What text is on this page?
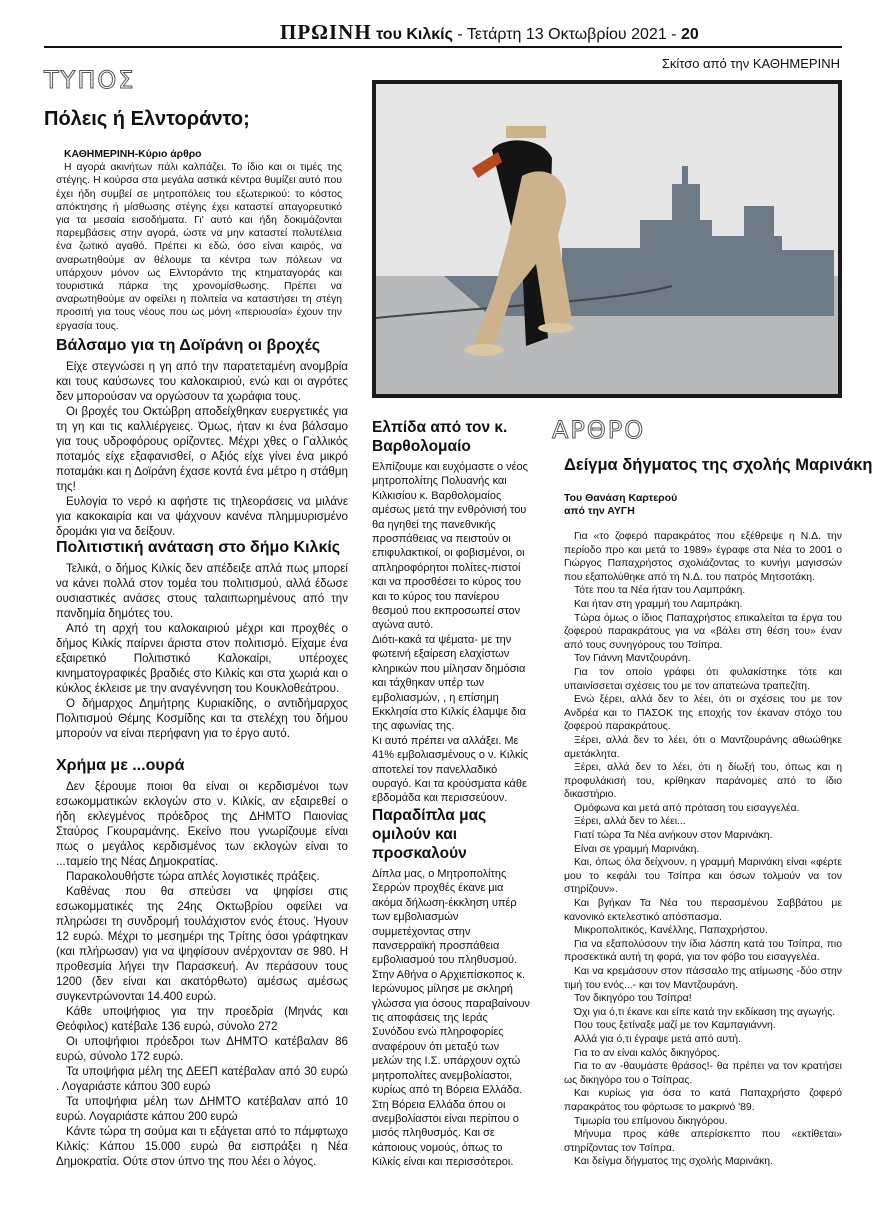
ΠΡΩΙΝΗ του Κιλκίς - Τετάρτη 13 Οκτωβρίου 2021 - 20
Σκίτσο από την ΚΑΘΗΜΕΡΙΝΗ
ΤΥΠΟΣ
Πόλεις ή Ελντοράντο;

ΚΑΘΗΜΕΡΙΝΗ-Κύριο άρθρο

Η αγορά ακινήτων πάλι καλπάζει. Το ίδιο και οι τιμές της στέγης. Η κούρσα στα μεγάλα αστικά κέντρα θυμίζει αυτό που έχει ήδη συμβεί σε μητροπόλεις του εξωτερικού: το κόστος απόκτησης ή μίσθωσης στέγης έχει καταστεί απαγορευτικό για τα μεσαία εισοδήματα. Γι' αυτό και ήδη δοκιμάζονται παρεμβάσεις στην αγορά, ώστε να μην καταστεί πολυτέλεια ένα ζωτικό αγαθό. Πρέπει κι εδώ, όσο είναι καιρός, να αναρωτηθούμε αν θέλουμε τα κέντρα των πόλεων να υπάρχουν μόνον ως Ελντοράντο της κτηματαγοράς και τουριστικά πάρκα της χρονομίσθωσης. Πρέπει να αναρωτηθούμε αν οφείλει η πολιτεία να καταστήσει τη στέγη προσιτή για τους νέους που ως μόνη «περιουσία» έχουν την εργασία τους.

Βάλσαμο για τη Δοϊράνη οι βροχές

Είχε στεγνώσει η γη από την παρατεταμένη ανομβρία και τους καύσωνες του καλοκαιριού, ενώ και οι αγρότες δεν μπορούσαν να οργώσουν τα χωράφια τους.

Οι βροχές του Οκτώβρη αποδείχθηκαν ευεργετικές για τη γη και τις καλλιέργειες. Όμως, ήταν κι ένα βάλσαμο για τους υδροφόρους ορίζοντες. Μέχρι χθες ο Γαλλικός ποταμός είχε εξαφανισθεί, ο Αξιός είχε γίνει ένα μικρό ποταμάκι και η Δοϊράνη έχασε κοντά ένα μέτρο η στάθμη της!

Ευλογία το νερό κι αφήστε τις τηλεοράσεις να μιλάνε για κακοκαιρία και να ψάχνουν κανένα πλημμυρισμένο δρομάκι για να δείξουν.

Πολιτιστική ανάταση στο δήμο Κιλκίς

Τελικά, ο δήμος Κιλκίς δεν απέδειξε απλά πως μπορεί να κάνει πολλά στον τομέα του πολιτισμού, αλλά έδωσε ουσιαστικές ανάσες στους ταλαιπωρημένους από την πανδημία δημότες του.

Από τη αρχή του καλοκαιριού μέχρι και προχθές ο δήμος Κιλκίς παίρνει άριστα στον πολιτισμό. Είχαμε ένα εξαιρετικό Πολιτιστικό Καλοκαίρι, υπέροχες κινηματογραφικές βραδιές στο Κιλκίς και στα χωριά και ο κύκλος έκλεισε με την αναγέννηση του Κουκλοθεάτρου.

Ο δήμαρχος Δημήτρης Κυριακίδης, ο αντιδήμαρχος Πολιτισμού Θέμης Κοσμίδης και τα στελέχη του δήμου μπορούν να είναι περήφανη για το έργο αυτό.

Χρήμα με ...ουρά

Δεν ξέρουμε ποιοι θα είναι οι κερδισμένοι των εσωκομματικών εκλογών στο ν. Κιλκίς, αν εξαιρεθεί ο ήδη εκλεγμένος πρόεδρος της ΔΗΜΤΟ Παιονίας Σταύρος Γκουραμάνης. Εκείνο που γνωρίζουμε είναι πως ο μεγάλος κερδισμένος των εκλογών είναι το ...ταμείο της Νέας Δημοκρατίας.

Παρακολουθήστε τώρα απλές λογιστικές πράξεις.

Καθένας που θα σπεύσει να ψηφίσει στις εσωκομματικές της 24ης Οκτωβρίου οφείλει να πληρώσει τη συνδρομή τουλάχιστον ενός έτους. Ήγουν 12 ευρώ. Μέχρι το μεσημέρι της Τρίτης όσοι γράφτηκαν (και πλήρωσαν) για να ψηφίσουν ανέρχονταν σε 980. Η προθεσμία λήγει την Παρασκευή. Αν περάσουν τους 1200 (δεν είναι και ακατόρθωτο) αμέσως αμέσως συγκεντρώνονται 14.400 ευρώ.

Κάθε υποψήφιος για την προεδρία (Μηνάς και Θεόφιλος) κατέβαλε 136 ευρώ, σύνολο 272

Οι υποψήφιοι πρόεδροι των ΔΗΜΤΟ κατέβαλαν 86 ευρώ, σύνολο 172 ευρώ.

Τα υποψήφια μέλη της ΔΕΕΠ κατέβαλαν από 30 ευρώ . Λογαριάστε κάπου 300 ευρώ

Τα υποψήφια μέλη των ΔΗΜΤΟ κατέβαλαν από 10 ευρώ. Λογαριάστε κάπου 200 ευρώ

Κάντε τώρα τη σούμα και τι εξάγεται από το πάμφτωχο Κιλκίς: Κάπου 15.000 ευρώ θα εισπράξει η Νέα Δημοκρατία. Ούτε στον ύπνο της που λέει ο λόγος.

Ελπίδα από τον κ. Βαρθολομαίο

Ελπίζουμε και ευχόμαστε ο νέος μητροπολίτης Πολυανής και Κιλκισίου κ. Βαρθολομαίος αμέσως μετά την ενθρόνισή του θα ηγηθεί της πανεθνικής προσπάθειας να πειστούν οι επιφυλακτικοί, οι φοβισμένοι, οι απληροφόρητοι πολίτες-πιστοί και να προσθέσει το κύρος του και το κύρος του πανίερου θεσμού που εκπροσωπεί στον αγώνα αυτό.

Διότι-κακά τα ψέματα- με την φωτεινή εξαίρεση ελαχίστων κληρικών που μίλησαν δημόσια και τάχθηκαν υπέρ των εμβολιασμών, , η επίσημη Εκκλησία στο Κιλκίς έλαμψε δια της αφωνίας της.

Κι αυτό πρέπει να αλλάξει. Με 41% εμβολιασμένους ο ν. Κιλκίς αποτελεί τον πανελλαδικό ουραγό. Και τα κρούσματα κάθε εβδομάδα και περισσεύουν.

Παραδίπλα μας ομιλούν και προσκαλούν

Δίπλα μας, ο Μητροπολίτης Σερρών προχθές έκανε μια ακόμα δήλωση-έκκληση υπέρ των εμβολιασμών συμμετέχοντας στην πανσερραϊκή προσπάθεια εμβολιασμού του πληθυσμού.

Στην Αθήνα ο Αρχιεπίσκοπος κ. Ιερώνυμος μίλησε με σκληρή γλώσσα για όσους παραβαίνουν τις αποφάσεις της Ιεράς Συνόδου ενώ πληροφορίες αναφέρουν ότι μεταξύ των μελών της Ι.Σ. υπάρχουν οχτώ μητροπολίτες ανεμβολίαστοι, κυρίως από τη Βόρεια Ελλάδα.

Στη Βόρεια Ελλάδα όπου οι ανεμβολίαστοι είναι περίπου ο μισός πληθυσμός. Και σε κάποιους νομούς, όπως το Κιλκίς είναι και περισσότεροι.

ΑΡΘΡΟ
Δείγμα δήγματος της σχολής Μαρινάκη
Του Θανάση Καρτερού
από την ΑΥΓΗ

Για «το ζοφερό παρακράτος που εξέθρεψε η Ν.Δ. την περίοδο προ και μετά το 1989» έγραφε στα Νέα το 2001 ο Γιώργος Παπαχρήστος σχολιάζοντας το κυνήγι μαγισσών που εξαπολύθηκε από τη Ν.Δ. του πατρός Μητσοτάκη.

Τότε που τα Νέα ήταν του Λαμπράκη.

Και ήταν στη γραμμή του Λαμπράκη.

Τώρα όμως ο ίδιος Παπαχρήστος επικαλείται τα έργα του ζοφερού παρακράτους για να «βάλει στη θέση του» έναν από τους συνηγόρους του Τσίπρα.

Τον Γιάννη Μαντζουράνη.

Για τον οποίο γράφει ότι φυλακίστηκε τότε και υπαινίσσεται σχέσεις του με τον απατεώνα τραπεζίτη.

Ενώ ξέρει, αλλά δεν το λέει, ότι οι σχέσεις του με τον Ανδρέα και το ΠΑΣΟΚ της εποχής τον έκαναν στόχο του ζοφερού παρακράτους.

Ξέρει, αλλά δεν το λέει, ότι ο Μαντζουράνης αθωώθηκε αμετάκλητα.

Ξέρει, αλλά δεν το λέει, ότι η δίωξή του, όπως και η προφυλάκισή του, κρίθηκαν παράνομες από το ίδιο δικαστήριο.

Ομόφωνα και μετά από πρόταση του εισαγγελέα.

Ξέρει, αλλά δεν το λέει...

Γιατί τώρα Τα Νέα ανήκουν στον Μαρινάκη.

Είναι σε γραμμή Μαρινάκη.

Και, όπως όλα δείχνουν, η γραμμή Μαρινάκη είναι «φέρτε μου το κεφάλι του Τσίπρα και όσων τολμούν να τον στηρίζουν».

Και βγήκαν Τα Νέα του περασμένου Σαββάτου με κανονικό εκτελεστικό απόσπασμα.

Μικροπολιτικός, Κανέλλης, Παπαχρήστου.

Για να εξαπολύσουν την ίδια λάσπη κατά του Τσίπρα, πιο προσεκτικά αυτή τη φορά, για τον φόβο του εισαγγελέα.

Και να κρεμάσουν στον πάσσαλο της ατίμωσης -δύο στην τιμή του ενός...- και τον Μαντζουράνη.

Τον δικηγόρο του Τσίπρα!

Όχι για ό,τι έκανε και είπε κατά την εκδίκαση της αγωγής.

Που τους ξετίναξε μαζί με τον Καμπαγιάννη.

Αλλά για ό,τι έγραψε μετά από αυτή.

Για το αν είναι καλός δικηγόρος.

Για το αν -θαυμάστε θράσος!- θα πρέπει να τον κρατήσει ως δικηγόρο του ο Τσίπρας.

Και κυρίως για όσα το κατά Παπαχρήστο ζοφερό παρακράτος του φόρτωσε το μακρινό '89.

Τιμωρία του επίμονου δικηγόρου.

Μήνυμα προς κάθε απερίσκεπτο που «εκτίθεται» στηρίζοντας τον Τσίπρα.

Και δείγμα δήγματος της σχολής Μαρινάκη.
